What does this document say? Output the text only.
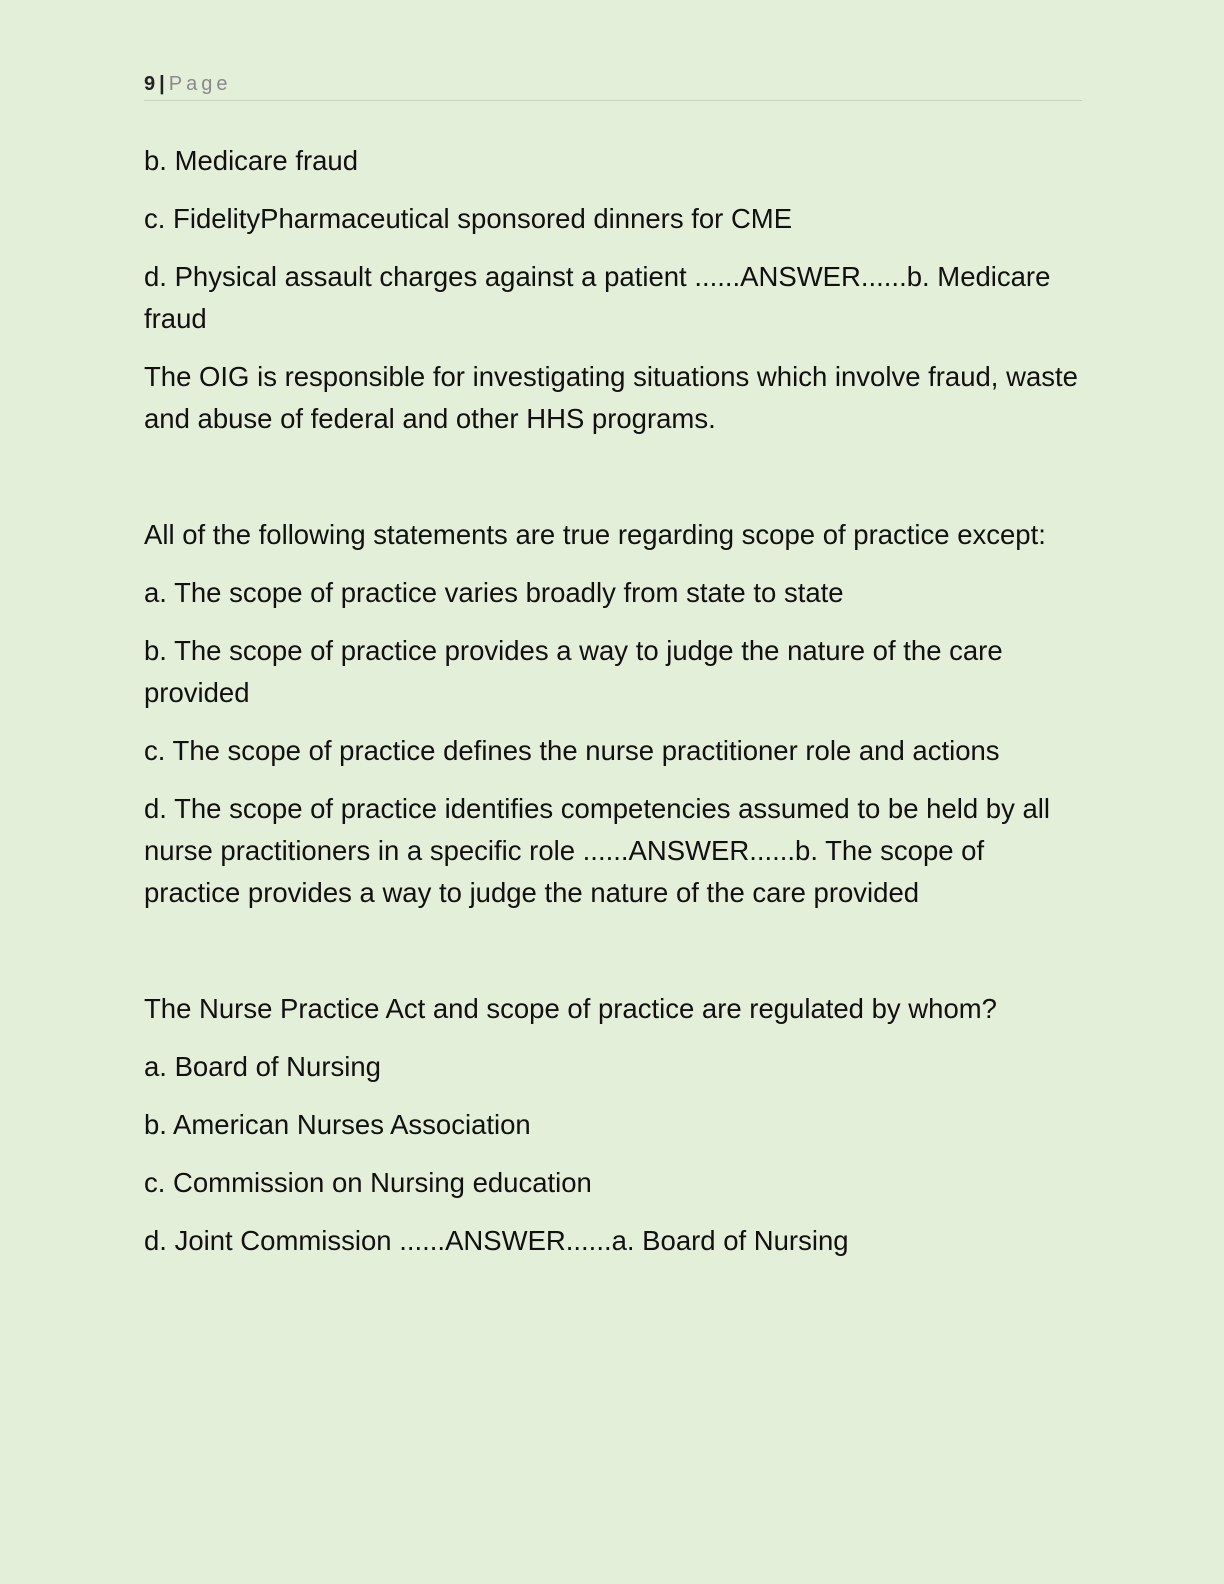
9 | Page

b. Medicare fraud

c. FidelityPharmaceutical sponsored dinners for CME

d. Physical assault charges against a patient ......ANSWER......b. Medicare fraud

The OIG is responsible for investigating situations which involve fraud, waste and abuse of federal and other HHS programs.

All of the following statements are true regarding scope of practice except:

a. The scope of practice varies broadly from state to state

b. The scope of practice provides a way to judge the nature of the care provided

c. The scope of practice defines the nurse practitioner role and actions

d. The scope of practice identifies competencies assumed to be held by all nurse practitioners in a specific role ......ANSWER......b. The scope of practice provides a way to judge the nature of the care provided

The Nurse Practice Act and scope of practice are regulated by whom?

a. Board of Nursing

b. American Nurses Association

c. Commission on Nursing education

d. Joint Commission ......ANSWER......a. Board of Nursing
